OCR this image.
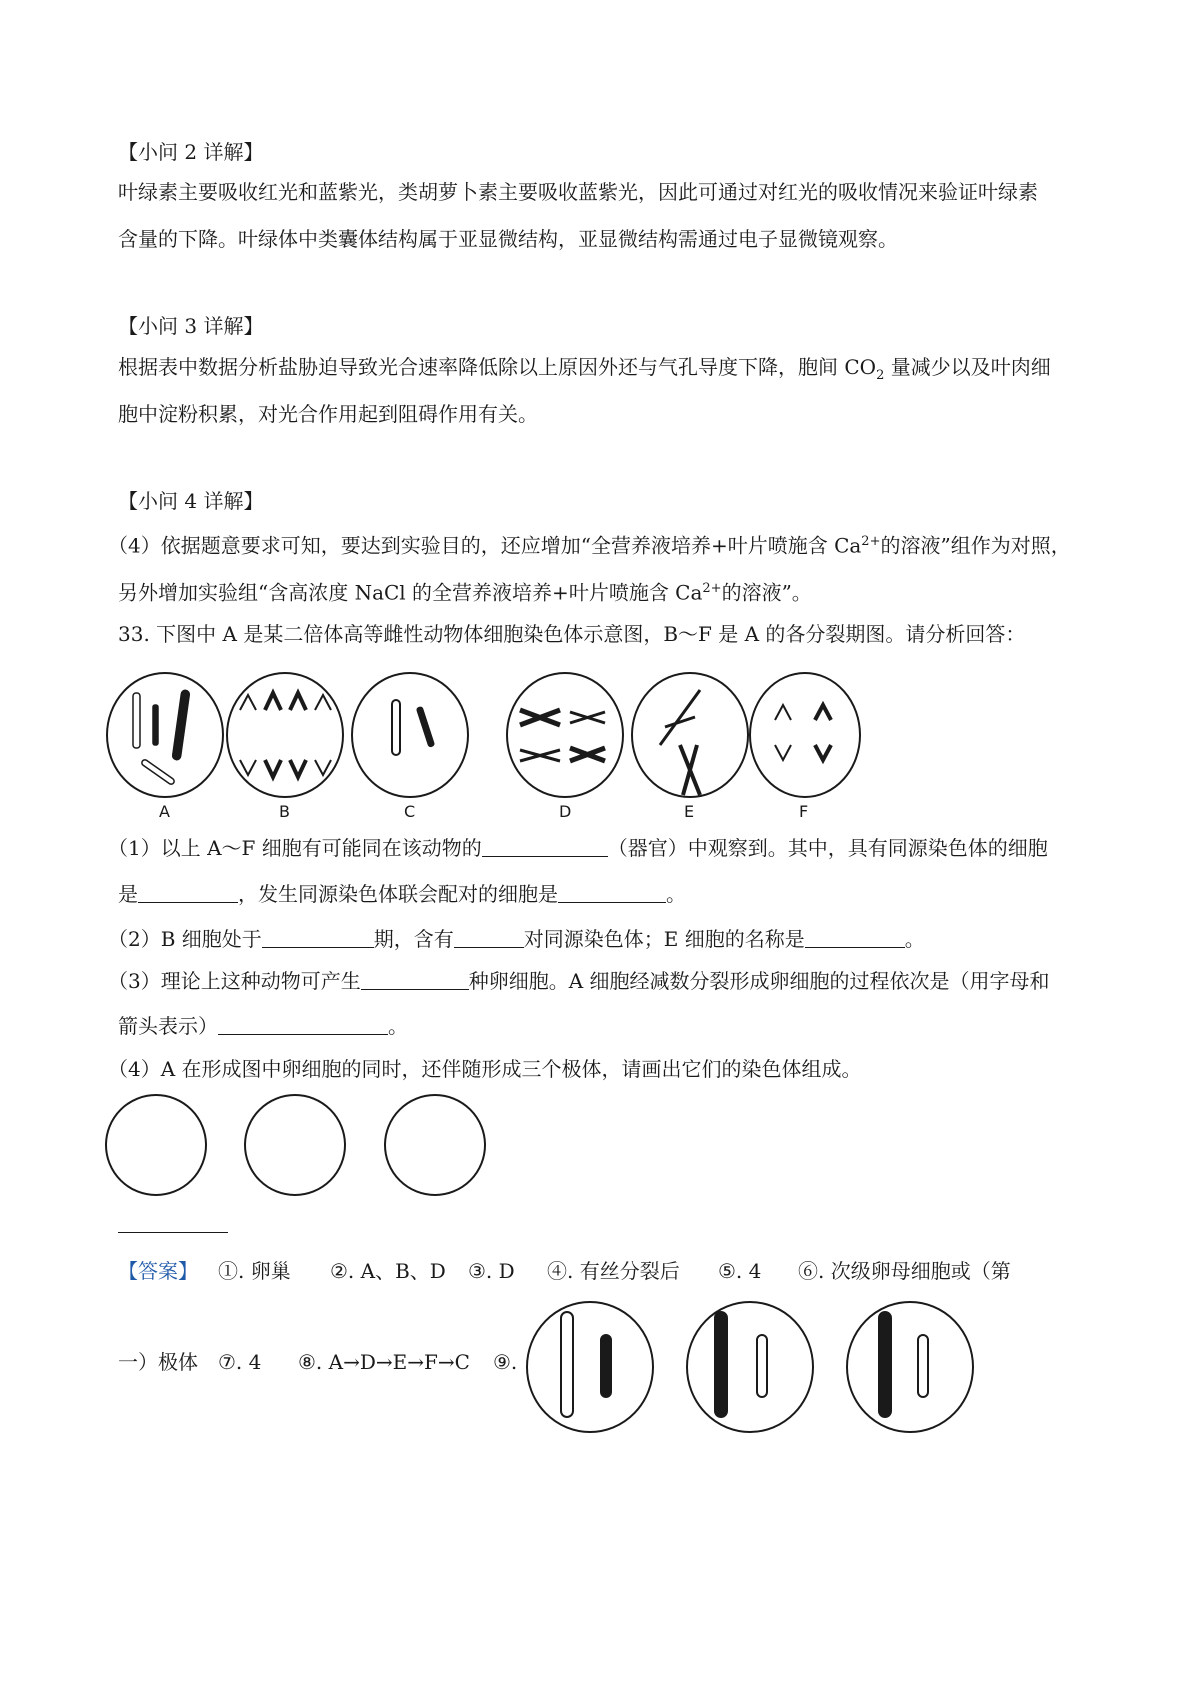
【小问 2 详解】
叶绿素主要吸收红光和蓝紫光，类胡萝卜素主要吸收蓝紫光，因此可通过对红光的吸收情况来验证叶绿素
含量的下降。叶绿体中类囊体结构属于亚显微结构，亚显微结构需通过电子显微镜观察。
【小问 3 详解】
根据表中数据分析盐胁迫导致光合速率降低除以上原因外还与气孔导度下降，胞间 $CO_2$ 量减少以及叶肉细
胞中淀粉积累，对光合作用起到阻碍作用有关。
【小问 4 详解】
（4）依据题意要求可知，要达到实验目的，还应增加“全营养液培养+叶片喷施含 $Ca^{2+}$的溶液”组作为对照，
另外增加实验组“含高浓度 NaCl 的全营养液培养+叶片喷施含 $Ca^{2+}$的溶液”。
33. 下图中 A 是某二倍体高等雌性动物体细胞染色体示意图，B～F 是 A 的各分裂期图。请分析回答：
A	B	C	D	E	F
（1）以上 A～F 细胞有可能同在该动物的	（器官）中观察到。其中，具有同源染色体的细胞
是	，发生同源染色体联会配对的细胞是	。
（2）B 细胞处于	期，含有	对同源染色体；E 细胞的名称是	。
（3）理论上这种动物可产生	种卵细胞。A 细胞经减数分裂形成卵细胞的过程依次是（用字母和
箭头表示）	。
（4）A 在形成图中卵细胞的同时，还伴随形成三个极体，请画出它们的染色体组成。
【答案】 ①. 卵巢 ②. A、B、D ③. D ④. 有丝分裂后 ⑤. 4 ⑥. 次级卵母细胞或（第
一）极体 ⑦. 4 ⑧. A→D→E→F→C ⑨.
